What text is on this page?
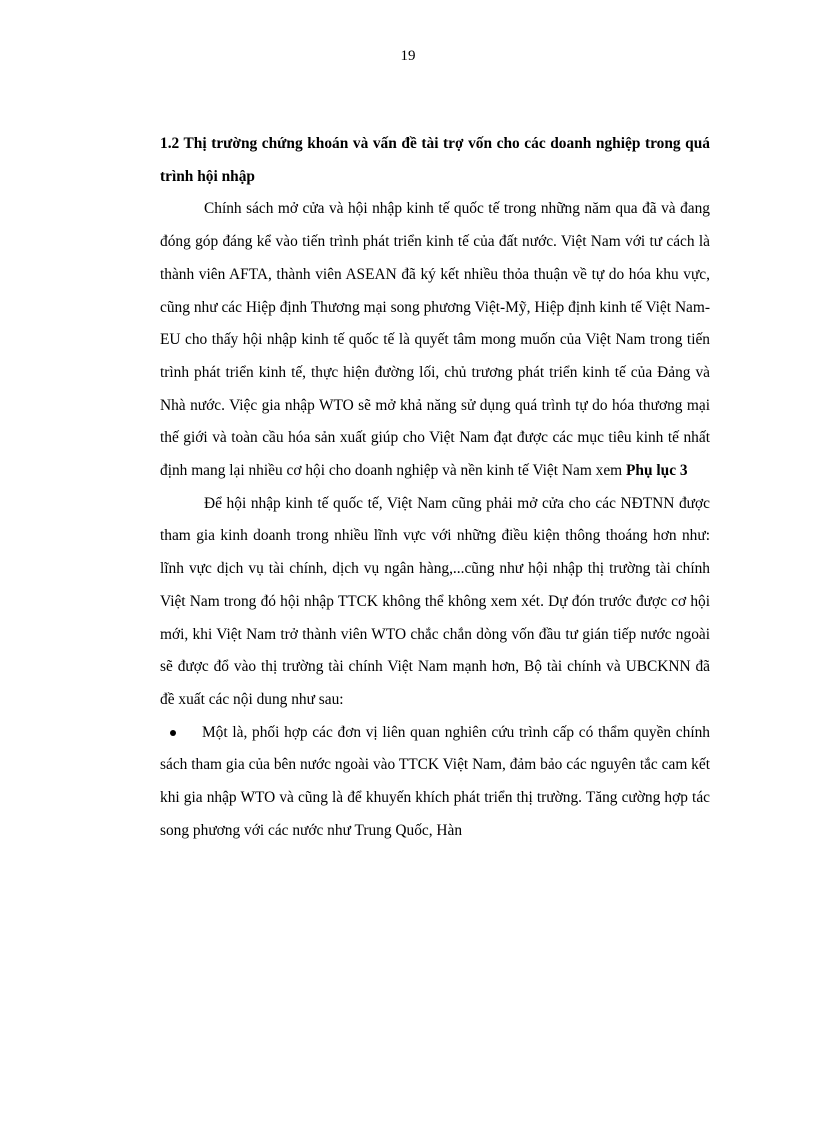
19

1.2 Thị trường chứng khoán và vấn đề tài trợ vốn cho các doanh nghiệp trong quá trình hội nhập

Chính sách mở cửa và hội nhập kinh tế quốc tế trong những năm qua đã và đang đóng góp đáng kể vào tiến trình phát triển kinh tế của đất nước. Việt Nam với tư cách là thành viên AFTA, thành viên ASEAN đã ký kết nhiều thỏa thuận về tự do hóa khu vực, cũng như các Hiệp định Thương mại song phương Việt-Mỹ, Hiệp định kinh tế Việt Nam-EU cho thấy hội nhập kinh tế quốc tế là quyết tâm mong muốn của Việt Nam trong tiến trình phát triển kinh tế, thực hiện đường lối, chủ trương phát triển kinh tế của Đảng và Nhà nước. Việc gia nhập WTO sẽ mở khả năng sử dụng quá trình tự do hóa thương mại thế giới và toàn cầu hóa sản xuất giúp cho Việt Nam đạt được các mục tiêu kinh tế nhất định mang lại nhiều cơ hội cho doanh nghiệp và nền kinh tế Việt Nam xem Phụ lục 3

Để hội nhập kinh tế quốc tế, Việt Nam cũng phải mở cửa cho các NĐTNN được tham gia kinh doanh trong nhiều lĩnh vực với những điều kiện thông thoáng hơn như: lĩnh vực dịch vụ tài chính, dịch vụ ngân hàng,...cũng như hội nhập thị trường tài chính Việt Nam trong đó hội nhập TTCK không thể không xem xét. Dự đón trước được cơ hội mới, khi Việt Nam trở thành viên WTO chắc chắn dòng vốn đầu tư gián tiếp nước ngoài sẽ được đổ vào thị trường tài chính Việt Nam mạnh hơn, Bộ tài chính và UBCKNN đã đề xuất các nội dung như sau:

Một là, phối hợp các đơn vị liên quan nghiên cứu trình cấp có thẩm quyền chính sách tham gia của bên nước ngoài vào TTCK Việt Nam, đảm bảo các nguyên tắc cam kết khi gia nhập WTO và cũng là để khuyến khích phát triển thị trường. Tăng cường hợp tác song phương với các nước như Trung Quốc, Hàn
